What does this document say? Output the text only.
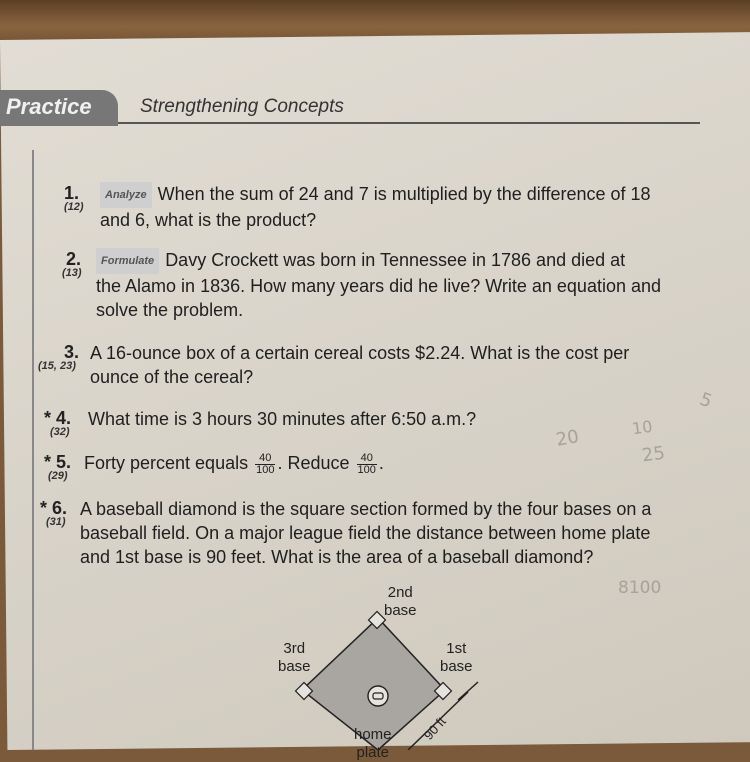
Practice	Strengthening Concepts
1.
(12)
Analyze When the sum of 24 and 7 is multiplied by the difference of 18
and 6, what is the product?
2.
(13)
Formulate Davy Crockett was born in Tennessee in 1786 and died at
the Alamo in 1836. How many years did he live? Write an equation and
solve the problem.
3.
(15, 23)
A 16-ounce box of a certain cereal costs $2.24. What is the cost per
ounce of the cereal?
* 4.
(32)
What time is 3 hours 30 minutes after 6:50 a.m.?
* 5.
(29)
Forty percent equals $\frac{40}{100}$ . Reduce $\frac{40}{100}$ .
* 6.
(31)
A baseball diamond is the square section formed by the four bases on a
baseball field. On a major league field the distance between home plate
and 1st base is 90 feet. What is the area of a baseball diamond?
8100
20	10
25
5
2nd
base
3rd
base
1st
base
home
plate
90 ft
